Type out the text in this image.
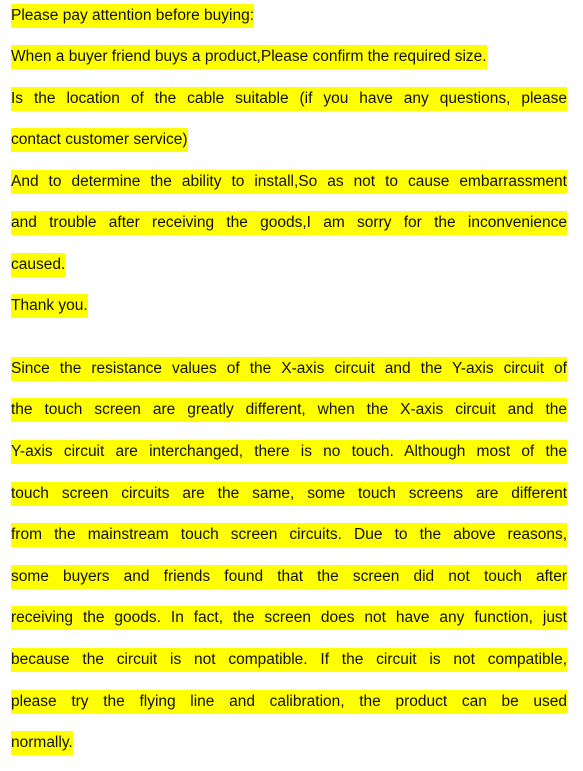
Please pay attention before buying:
When a buyer friend buys a product,Please confirm the required size.
Is the location of the cable suitable (if you have any questions, please
contact customer service)
And to determine the ability to install,So as not to cause embarrassment
and trouble after receiving the goods,I am sorry for the inconvenience
caused.
Thank you.
Since the resistance values of the X-axis circuit and the Y-axis circuit of
the touch screen are greatly different, when the X-axis circuit and the
Y-axis circuit are interchanged, there is no touch. Although most of the
touch screen circuits are the same, some touch screens are different
from the mainstream touch screen circuits. Due to the above reasons,
some buyers and friends found that the screen did not touch after
receiving the goods. In fact, the screen does not have any function, just
because the circuit is not compatible. If the circuit is not compatible,
please try the flying line and calibration, the product can be used
normally.
